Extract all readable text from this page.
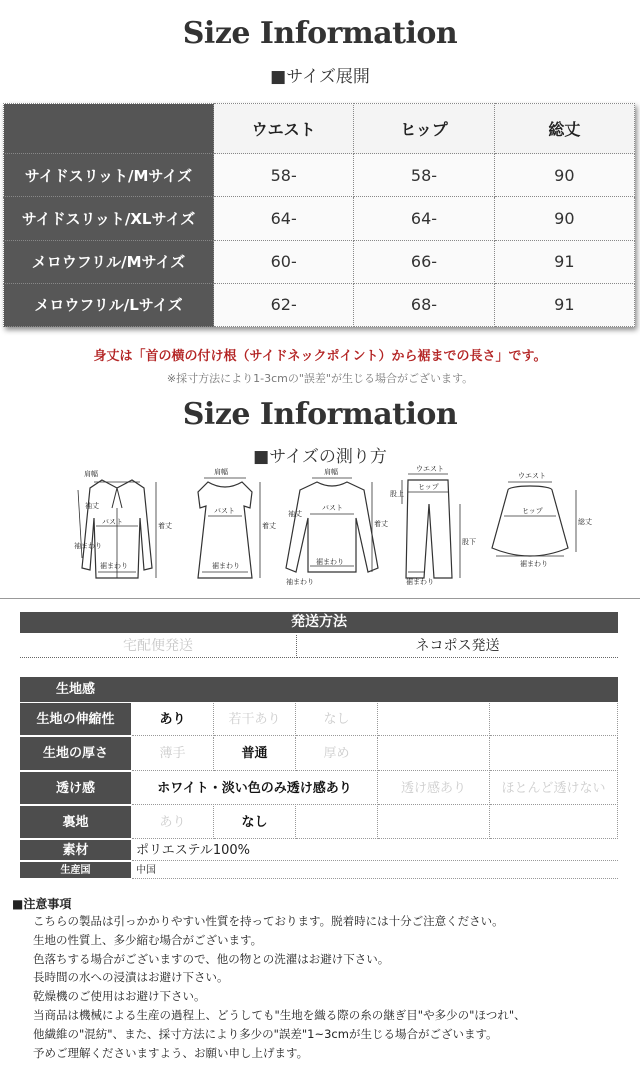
Size Information
■サイズ展開
	ウエスト	ヒップ	総丈
サイドスリット/Mサイズ	58-	58-	90
サイドスリット/XLサイズ	64-	64-	90
メロウフリル/Mサイズ	60-	66-	91
メロウフリル/Lサイズ	62-	68-	91
身丈は「首の横の付け根（サイドネックポイント）から裾までの長さ」です。
※採寸方法により1-3cmの"誤差"が生じる場合がございます。
Size Information
■サイズの測り方
肩幅
バスト
袖丈
着丈
袖まわり
裾まわり
肩幅
バスト
着丈
裾まわり
肩幅
バスト
袖丈
着丈
袖まわり
裾まわり
ウエスト
ヒップ
股上
股下
裾まわり
ウエスト
ヒップ
総丈
裾まわり
発送方法
宅配便発送	ネコポス発送
生地感
生地の伸縮性	あり	若干あり	なし
生地の厚さ	薄手	普通	厚め
透け感	ホワイト・淡い色のみ透け感あり	透け感あり	ほとんど透けない
裏地	あり	なし
素材	ポリエステル100%
生産国	中国
■注意事項
こちらの製品は引っかかりやすい性質を持っております。脱着時には十分ご注意ください。
生地の性質上、多少縮む場合がございます。
色落ちする場合がございますので、他の物との洗濯はお避け下さい。
長時間の水への浸漬はお避け下さい。
乾燥機のご使用はお避け下さい。
当商品は機械による生産の過程上、どうしても"生地を織る際の糸の継ぎ目"や多少の"ほつれ"、
他繊維の"混紡"、また、採寸方法により多少の"誤差"1~3cmが生じる場合がございます。
予めご理解くださいますよう、お願い申し上げます。
